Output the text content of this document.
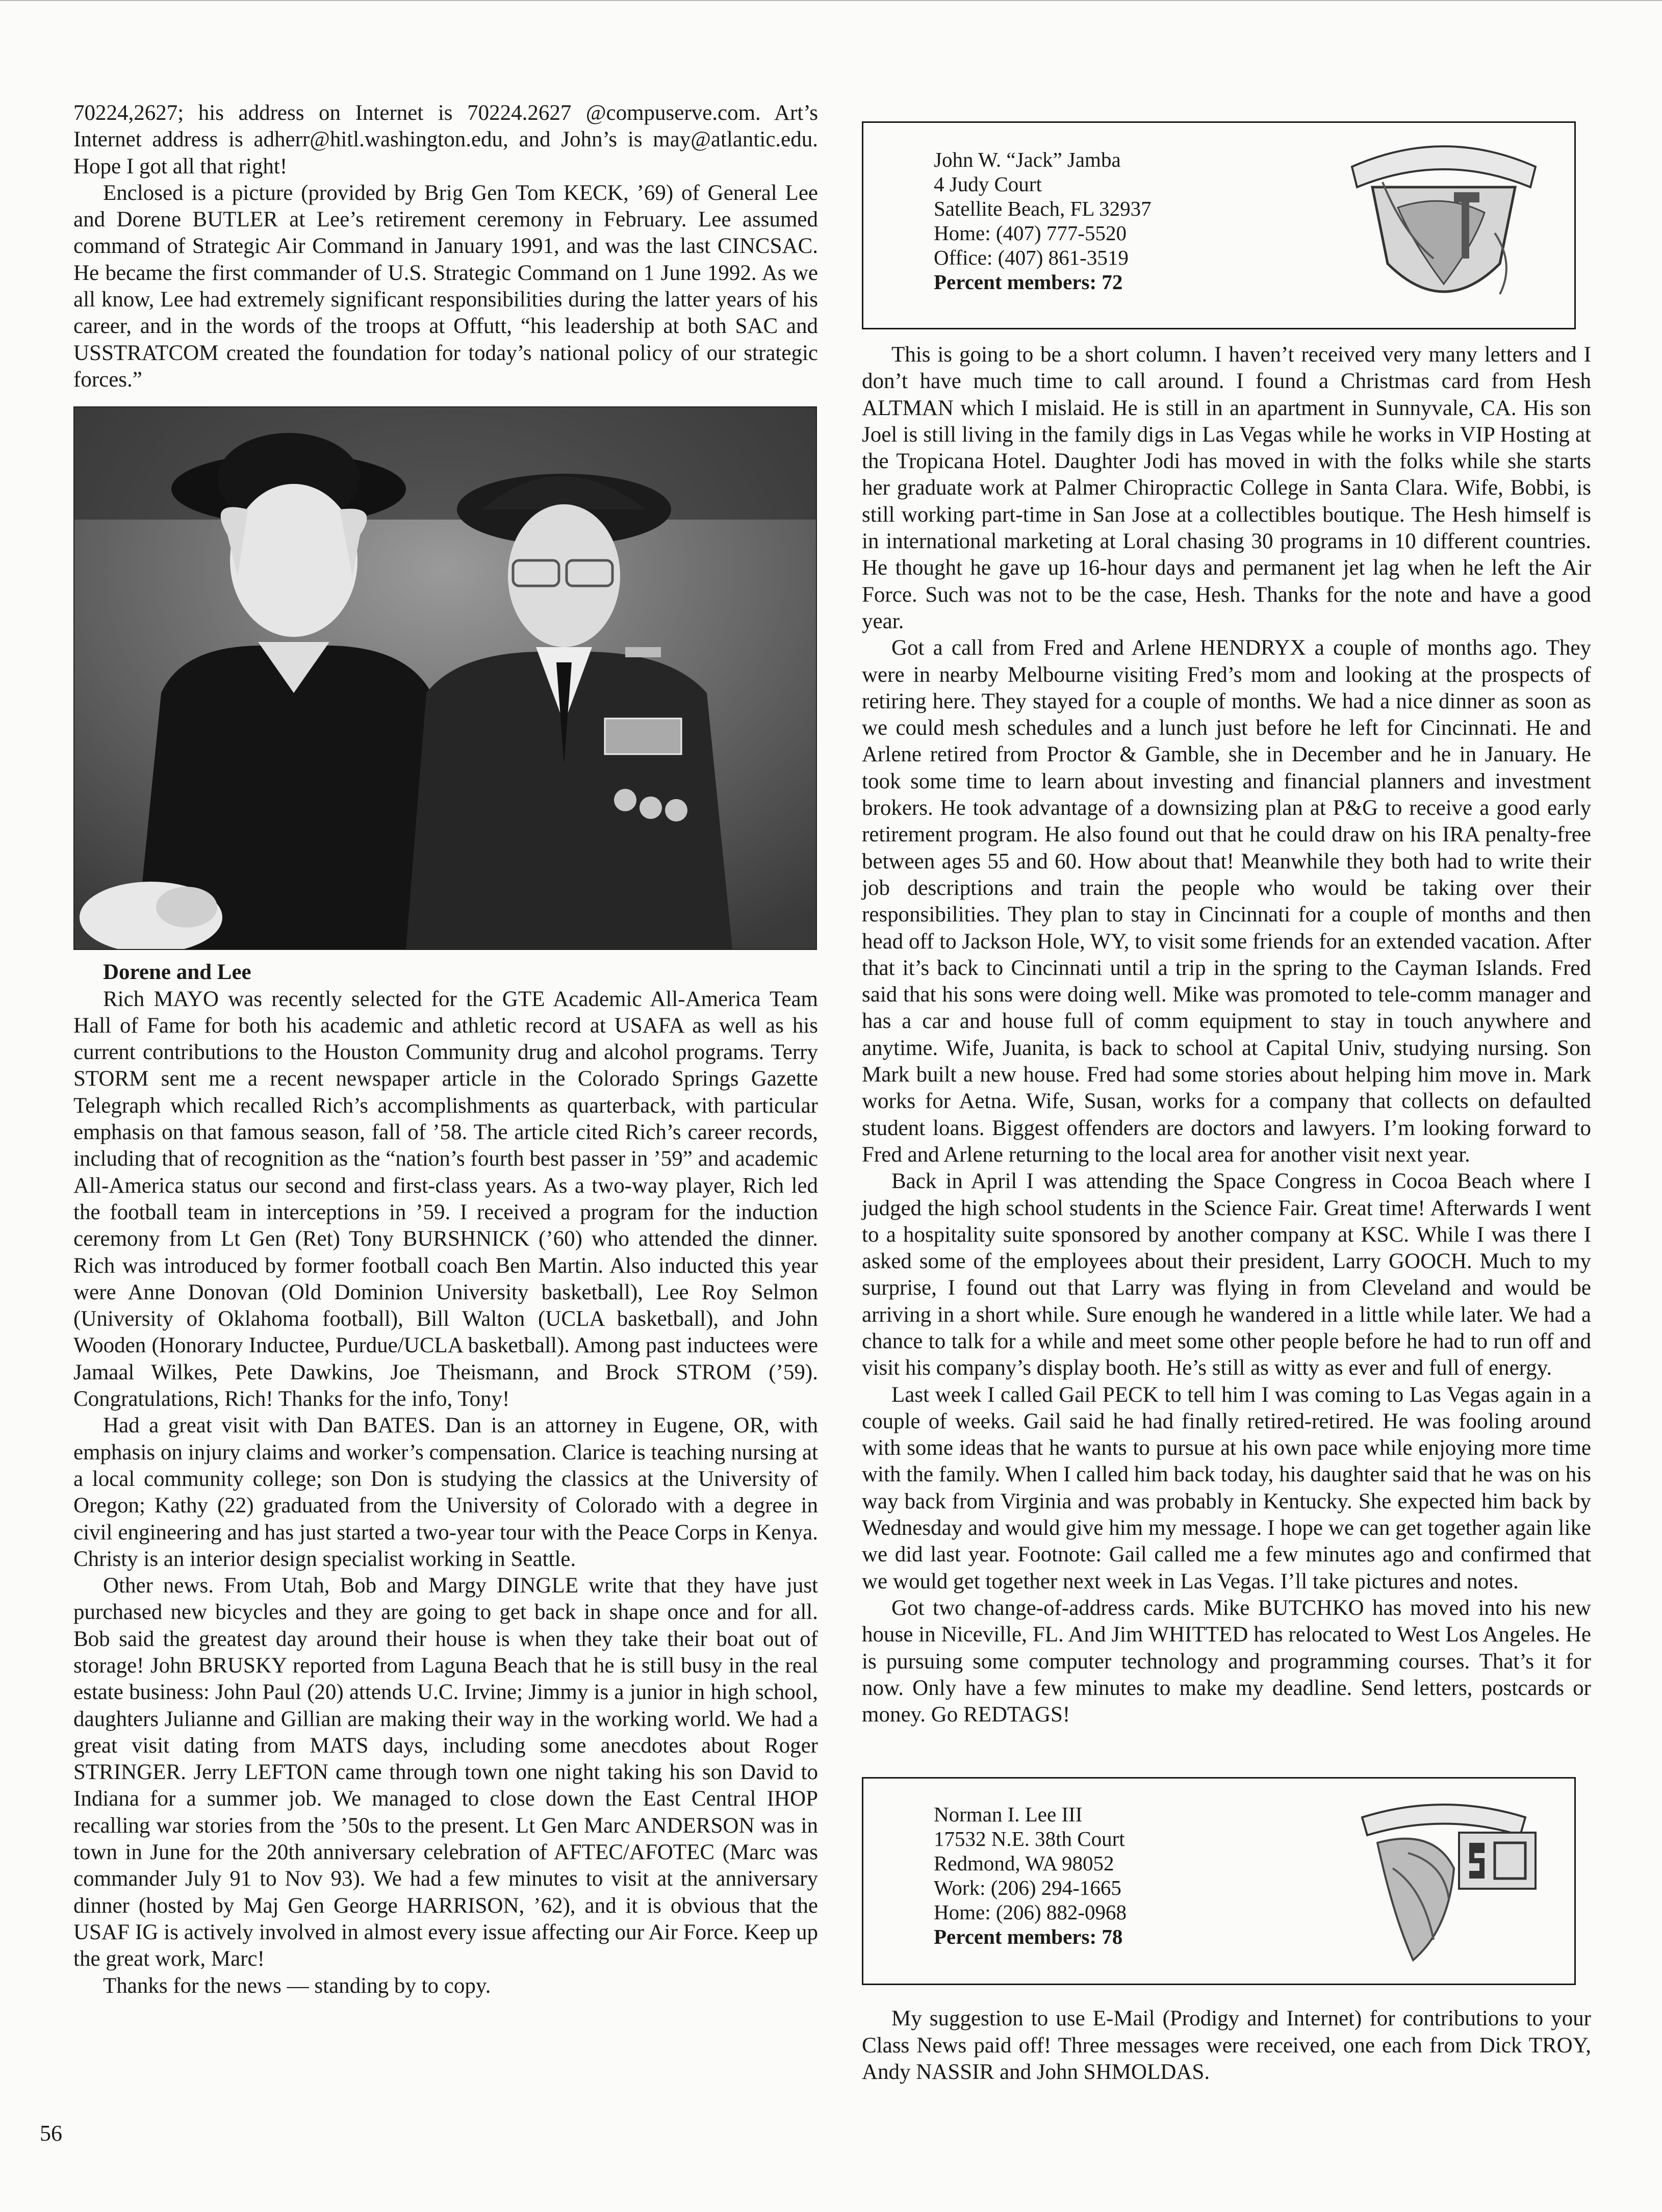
70224,2627; his address on Internet is 70224.2627 @compuserve.com. Art’s Internet address is adherr@hitl.washington.edu, and John’s is may@atlantic.edu. Hope I got all that right!

Enclosed is a picture (provided by Brig Gen Tom KECK, ’69) of General Lee and Dorene BUTLER at Lee’s retirement ceremony in February. Lee assumed command of Strategic Air Command in January 1991, and was the last CINCSAC. He became the first commander of U.S. Strategic Command on 1 June 1992. As we all know, Lee had extremely significant responsibilities during the latter years of his career, and in the words of the troops at Offutt, “his leadership at both SAC and USSTRATCOM created the foundation for today’s national policy of our strategic forces.”

Dorene and Lee

Rich MAYO was recently selected for the GTE Academic All-America Team Hall of Fame for both his academic and athletic record at USAFA as well as his current contributions to the Houston Community drug and alcohol programs. Terry STORM sent me a recent newspaper article in the Colorado Springs Gazette Telegraph which recalled Rich’s accomplishments as quarterback, with particular emphasis on that famous season, fall of ’58. The article cited Rich’s career records, including that of recognition as the “nation’s fourth best passer in ’59” and academic All-America status our second and first-class years. As a two-way player, Rich led the football team in interceptions in ’59. I received a program for the induction ceremony from Lt Gen (Ret) Tony BURSHNICK (’60) who attended the dinner. Rich was introduced by former football coach Ben Martin. Also inducted this year were Anne Donovan (Old Dominion University basketball), Lee Roy Selmon (University of Oklahoma football), Bill Walton (UCLA basketball), and John Wooden (Honorary Inductee, Purdue/UCLA basketball). Among past inductees were Jamaal Wilkes, Pete Dawkins, Joe Theismann, and Brock STROM (’59). Congratulations, Rich! Thanks for the info, Tony!

Had a great visit with Dan BATES. Dan is an attorney in Eugene, OR, with emphasis on injury claims and worker’s compensation. Clarice is teaching nursing at a local community college; son Don is studying the classics at the University of Oregon; Kathy (22) graduated from the University of Colorado with a degree in civil engineering and has just started a two-year tour with the Peace Corps in Kenya. Christy is an interior design specialist working in Seattle.

Other news. From Utah, Bob and Margy DINGLE write that they have just purchased new bicycles and they are going to get back in shape once and for all. Bob said the greatest day around their house is when they take their boat out of storage! John BRUSKY reported from Laguna Beach that he is still busy in the real estate business: John Paul (20) attends U.C. Irvine; Jimmy is a junior in high school, daughters Julianne and Gillian are making their way in the working world. We had a great visit dating from MATS days, including some anecdotes about Roger STRINGER. Jerry LEFTON came through town one night taking his son David to Indiana for a summer job. We managed to close down the East Central IHOP recalling war stories from the ’50s to the present. Lt Gen Marc ANDERSON was in town in June for the 20th anniversary celebration of AFTEC/AFOTEC (Marc was commander July 91 to Nov 93). We had a few minutes to visit at the anniversary dinner (hosted by Maj Gen George HARRISON, ’62), and it is obvious that the USAF IG is actively involved in almost every issue affecting our Air Force. Keep up the great work, Marc!

Thanks for the news — standing by to copy.

John W. “Jack” Jamba
4 Judy Court
Satellite Beach, FL 32937
Home: (407) 777-5520
Office: (407) 861-3519
Percent members: 72

This is going to be a short column. I haven’t received very many letters and I don’t have much time to call around. I found a Christmas card from Hesh ALTMAN which I mislaid. He is still in an apartment in Sunnyvale, CA. His son Joel is still living in the family digs in Las Vegas while he works in VIP Hosting at the Tropicana Hotel. Daughter Jodi has moved in with the folks while she starts her graduate work at Palmer Chiropractic College in Santa Clara. Wife, Bobbi, is still working part-time in San Jose at a collectibles boutique. The Hesh himself is in international marketing at Loral chasing 30 programs in 10 different countries. He thought he gave up 16-hour days and permanent jet lag when he left the Air Force. Such was not to be the case, Hesh. Thanks for the note and have a good year.

Got a call from Fred and Arlene HENDRYX a couple of months ago. They were in nearby Melbourne visiting Fred’s mom and looking at the prospects of retiring here. They stayed for a couple of months. We had a nice dinner as soon as we could mesh schedules and a lunch just before he left for Cincinnati. He and Arlene retired from Proctor & Gamble, she in December and he in January. He took some time to learn about investing and financial planners and investment brokers. He took advantage of a downsizing plan at P&G to receive a good early retirement program. He also found out that he could draw on his IRA penalty-free between ages 55 and 60. How about that! Meanwhile they both had to write their job descriptions and train the people who would be taking over their responsibilities. They plan to stay in Cincinnati for a couple of months and then head off to Jackson Hole, WY, to visit some friends for an extended vacation. After that it’s back to Cincinnati until a trip in the spring to the Cayman Islands. Fred said that his sons were doing well. Mike was promoted to tele-comm manager and has a car and house full of comm equipment to stay in touch anywhere and anytime. Wife, Juanita, is back to school at Capital Univ, studying nursing. Son Mark built a new house. Fred had some stories about helping him move in. Mark works for Aetna. Wife, Susan, works for a company that collects on defaulted student loans. Biggest offenders are doctors and lawyers. I’m looking forward to Fred and Arlene returning to the local area for another visit next year.

Back in April I was attending the Space Congress in Cocoa Beach where I judged the high school students in the Science Fair. Great time! Afterwards I went to a hospitality suite sponsored by another company at KSC. While I was there I asked some of the employees about their president, Larry GOOCH. Much to my surprise, I found out that Larry was flying in from Cleveland and would be arriving in a short while. Sure enough he wandered in a little while later. We had a chance to talk for a while and meet some other people before he had to run off and visit his company’s display booth. He’s still as witty as ever and full of energy.

Last week I called Gail PECK to tell him I was coming to Las Vegas again in a couple of weeks. Gail said he had finally retired-retired. He was fooling around with some ideas that he wants to pursue at his own pace while enjoying more time with the family. When I called him back today, his daughter said that he was on his way back from Virginia and was probably in Kentucky. She expected him back by Wednesday and would give him my message. I hope we can get together again like we did last year. Footnote: Gail called me a few minutes ago and confirmed that we would get together next week in Las Vegas. I’ll take pictures and notes.

Got two change-of-address cards. Mike BUTCHKO has moved into his new house in Niceville, FL. And Jim WHITTED has relocated to West Los Angeles. He is pursuing some computer technology and programming courses. That’s it for now. Only have a few minutes to make my deadline. Send letters, postcards or money. Go REDTAGS!

Norman I. Lee III
17532 N.E. 38th Court
Redmond, WA 98052
Work: (206) 294-1665
Home: (206) 882-0968
Percent members: 78

My suggestion to use E-Mail (Prodigy and Internet) for contributions to your Class News paid off! Three messages were received, one each from Dick TROY, Andy NASSIR and John SHMOLDAS.

56
